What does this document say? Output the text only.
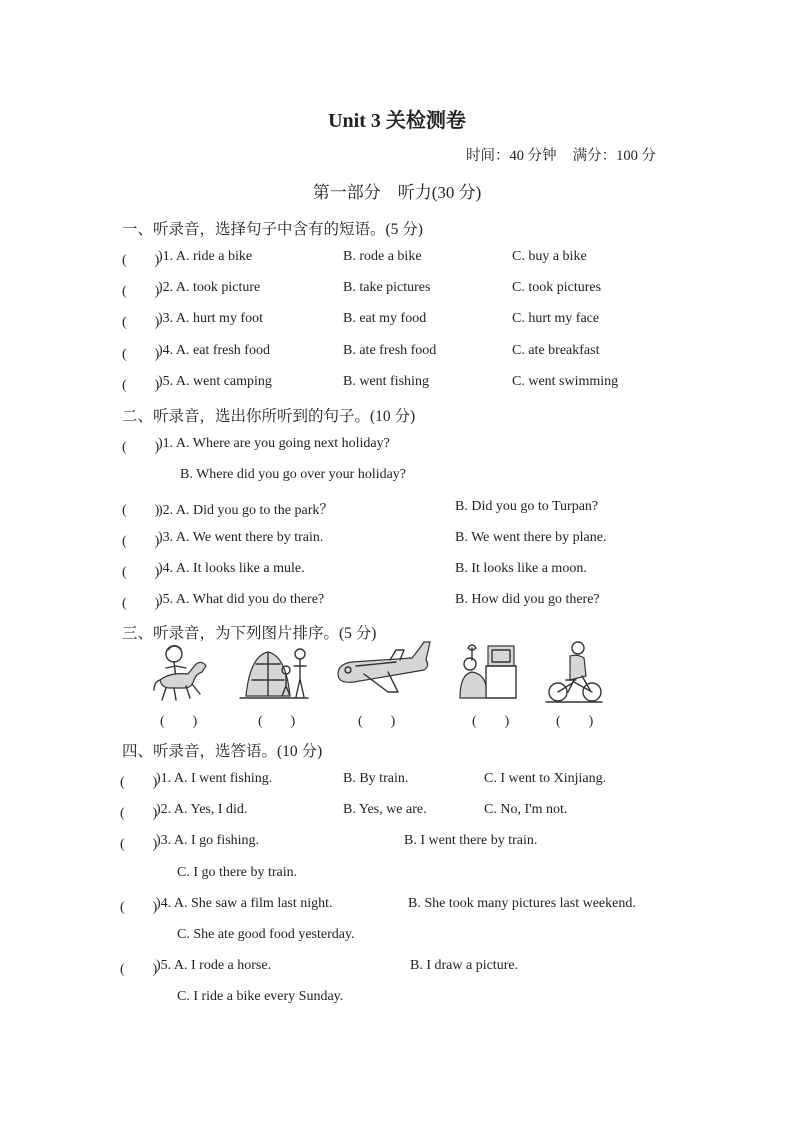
Unit 3 关检测卷
时间：40 分钟 满分：100 分
第一部分　听力(30 分)
一、听录音，选择句子中含有的短语。(5 分)
(　　)
)1. A. ride a bike	B. rode a bike	C. buy a bike
(　　)
)2. A. took picture	B. take pictures	C. took pictures
(　　)
)3. A. hurt my foot	B. eat my food	C. hurt my face
(　　)
)4. A. eat fresh food	B. ate fresh food	C. ate breakfast
(　　)
)5. A. went camping	B. went fishing	C. went swimming
二、听录音，选出你所听到的句子。(10 分)
(　　)
)1. A. Where are you going next holiday?
B. Where did you go over your holiday?
(　　)
)2. A. Did you go to the park？	B. Did you go to Turpan?
(　　)
)3. A. We went there by train.	B. We went there by plane.
(　　)
)4. A. It looks like a mule.	B. It looks like a moon.
(　　)
)5. A. What did you do there?	B. How did you go there?
三、听录音，为下列图片排序。(5 分)
(　　)	(　　)	(　　)	(　　)	(　　)
四、听录音，选答语。(10 分)
(　　)
)1. A. I went fishing.	B. By train.	C. I went to Xinjiang.
(　　)
)2. A. Yes, I did.	B. Yes, we are.	C. No, I'm not.
(　　)
)3. A. I go fishing.	B. I went there by train.
C. I go there by train.
(　　)
)4. A. She saw a film last night.	B. She took many pictures last weekend.
C. She ate good food yesterday.
(　　)
)5. A. I rode a horse.	B. I draw a picture.
C. I ride a bike every Sunday.
